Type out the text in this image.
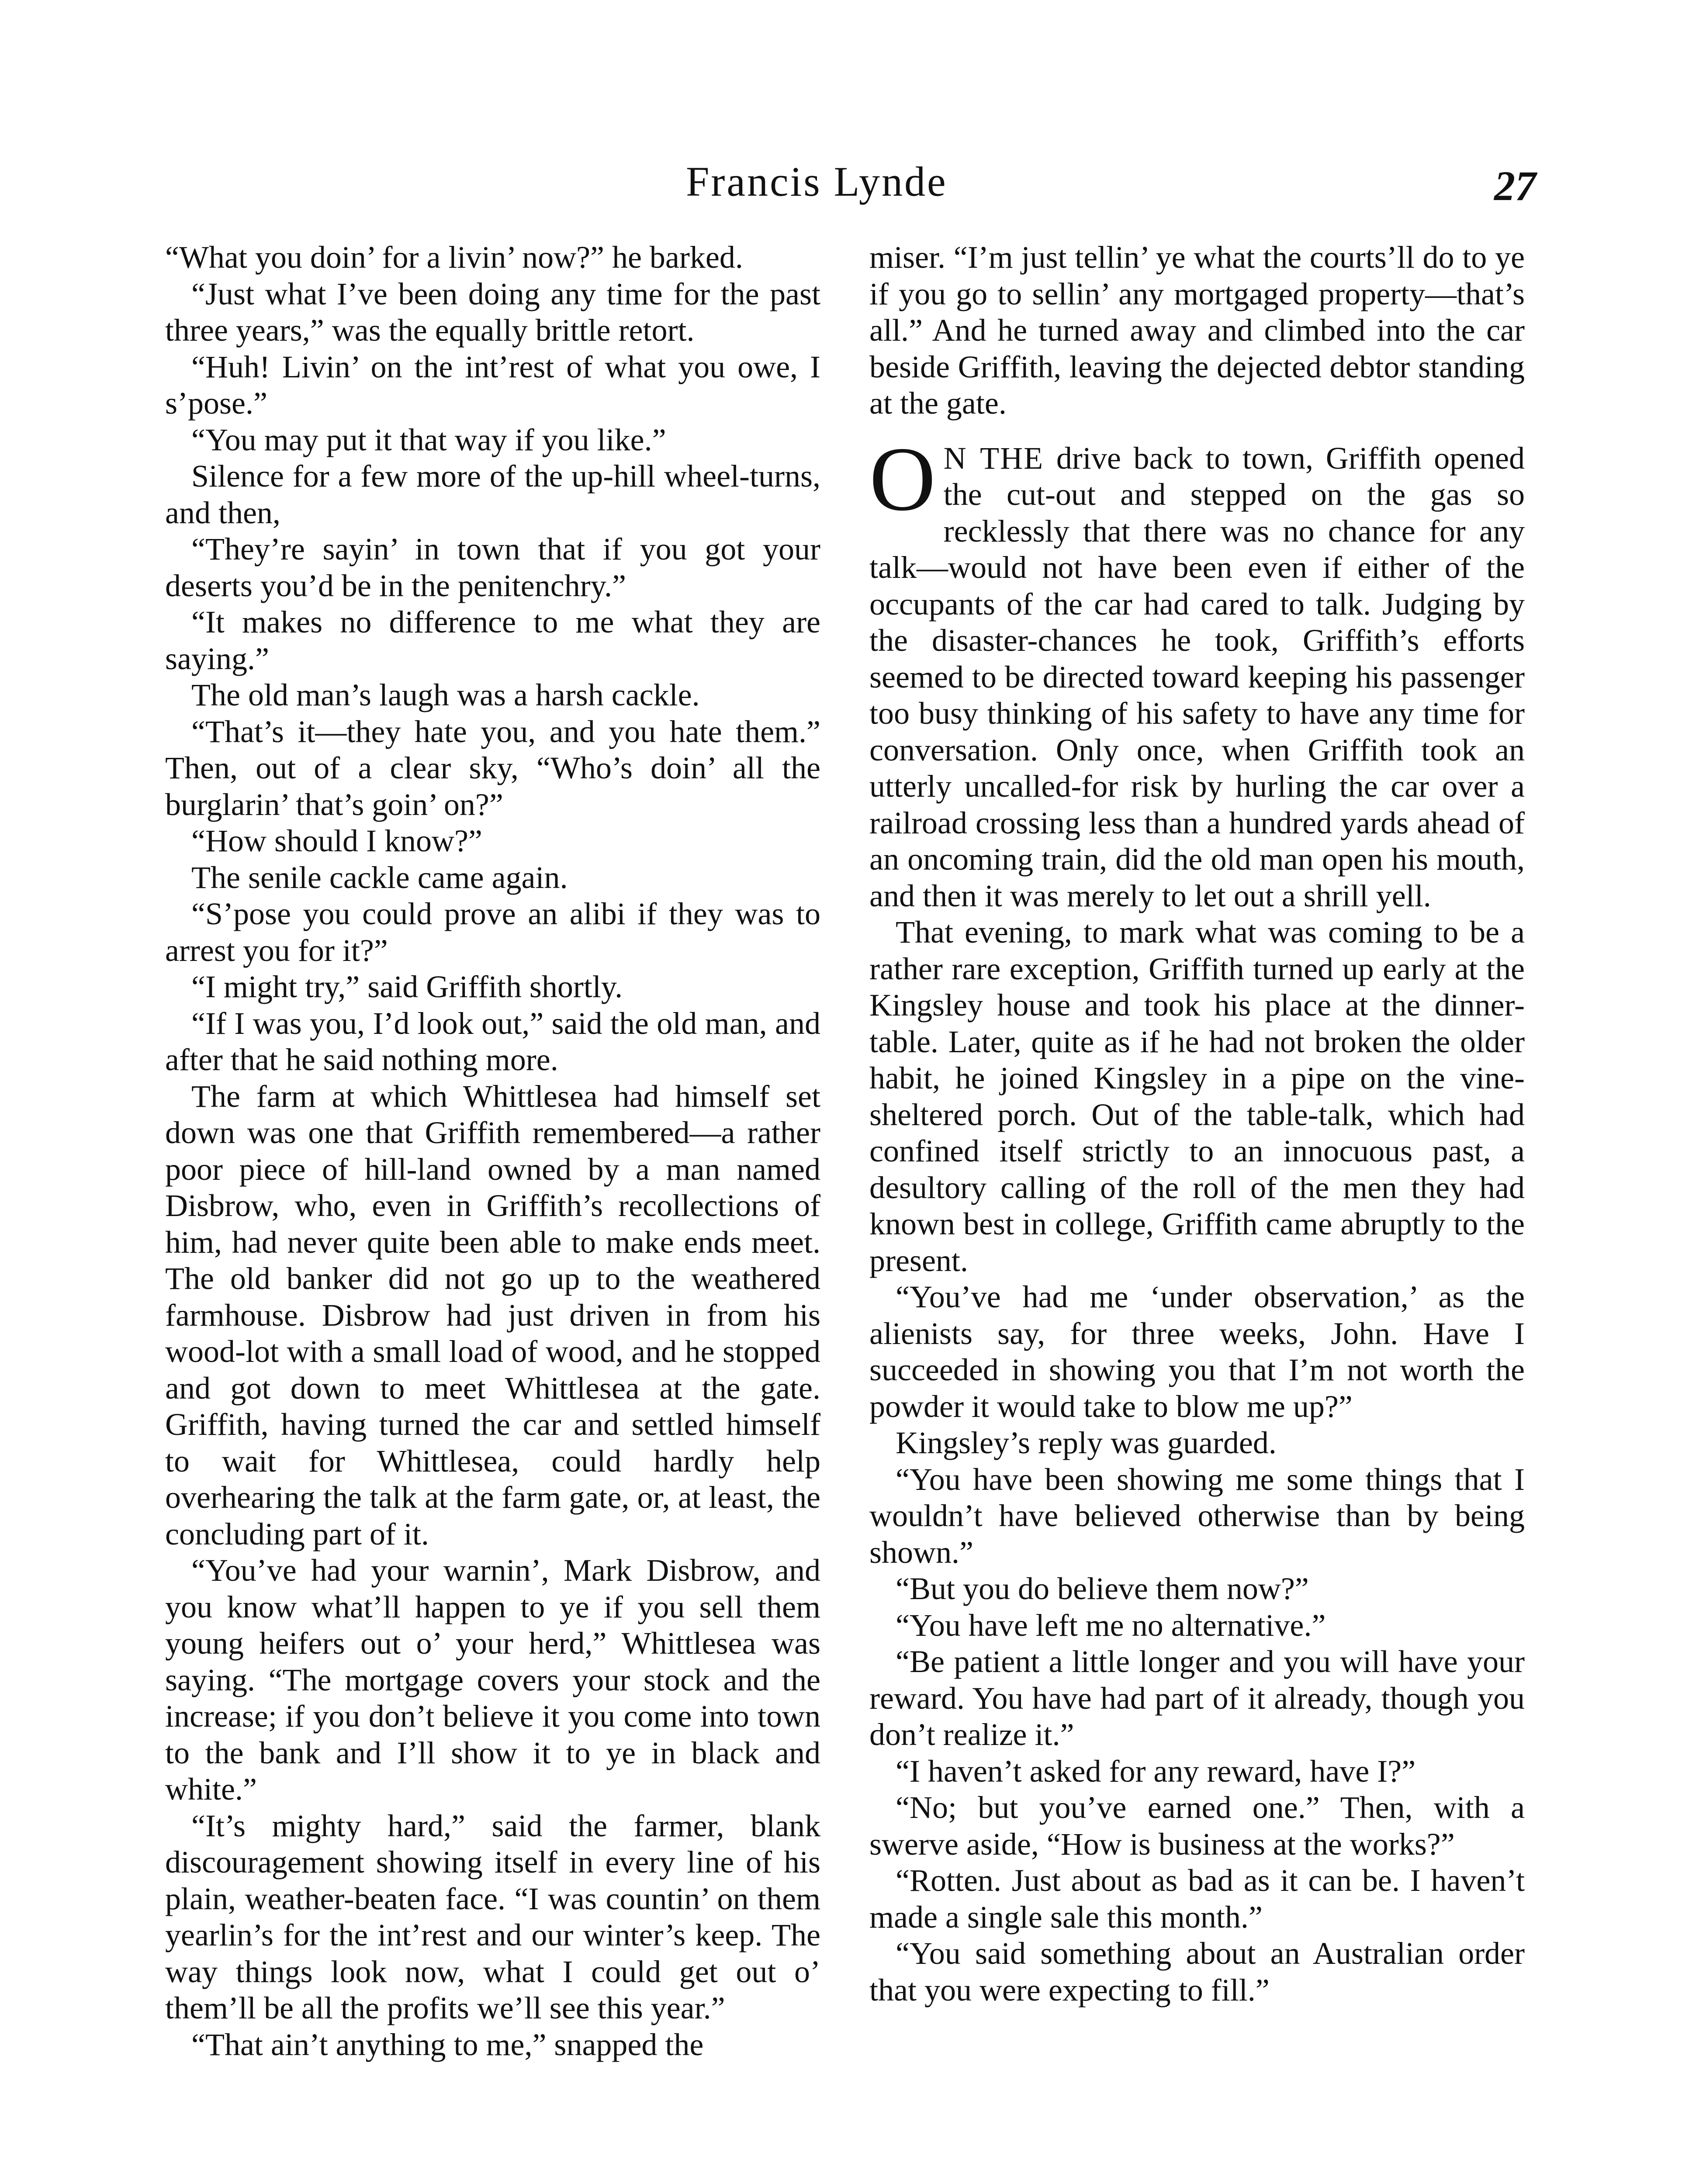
Francis Lynde	27

“What you doin’ for a livin’ now?” he barked.

“Just what I’ve been doing any time for the past three years,” was the equally brittle retort.

“Huh! Livin’ on the int’rest of what you owe, I s’pose.”

“You may put it that way if you like.”

Silence for a few more of the up-hill wheel-turns, and then,

“They’re sayin’ in town that if you got your deserts you’d be in the penitenchry.”

“It makes no difference to me what they are saying.”

The old man’s laugh was a harsh cackle.

“That’s it—they hate you, and you hate them.” Then, out of a clear sky, “Who’s doin’ all the burglarin’ that’s goin’ on?”

“How should I know?”

The senile cackle came again.

“S’pose you could prove an alibi if they was to arrest you for it?”

“I might try,” said Griffith shortly.

“If I was you, I’d look out,” said the old man, and after that he said nothing more.

The farm at which Whittlesea had himself set down was one that Griffith remembered—a rather poor piece of hill-land owned by a man named Disbrow, who, even in Griffith’s recollections of him, had never quite been able to make ends meet. The old banker did not go up to the weathered farmhouse. Disbrow had just driven in from his wood-lot with a small load of wood, and he stopped and got down to meet Whittlesea at the gate. Griffith, having turned the car and settled himself to wait for Whittlesea, could hardly help overhearing the talk at the farm gate, or, at least, the concluding part of it.

“You’ve had your warnin’, Mark Disbrow, and you know what’ll happen to ye if you sell them young heifers out o’ your herd,” Whittlesea was saying. “The mortgage covers your stock and the increase; if you don’t believe it you come into town to the bank and I’ll show it to ye in black and white.”

“It’s mighty hard,” said the farmer, blank discouragement showing itself in every line of his plain, weather-beaten face. “I was countin’ on them yearlin’s for the int’rest and our winter’s keep. The way things look now, what I could get out o’ them’ll be all the profits we’ll see this year.”

“That ain’t anything to me,” snapped the

miser. “I’m just tellin’ ye what the courts’ll do to ye if you go to sellin’ any mortgaged property—that’s all.” And he turned away and climbed into the car beside Griffith, leaving the dejected debtor standing at the gate.

O N THE drive back to town, Griffith opened the cut-out and stepped on the gas so recklessly that there was no chance for any talk—would not have been even if either of the occupants of the car had cared to talk. Judging by the disaster-chances he took, Griffith’s efforts seemed to be directed toward keeping his passenger too busy thinking of his safety to have any time for conversation. Only once, when Griffith took an utterly uncalled-for risk by hurling the car over a railroad crossing less than a hundred yards ahead of an oncoming train, did the old man open his mouth, and then it was merely to let out a shrill yell.

That evening, to mark what was coming to be a rather rare exception, Griffith turned up early at the Kingsley house and took his place at the dinner-table. Later, quite as if he had not broken the older habit, he joined Kingsley in a pipe on the vine-sheltered porch. Out of the table-talk, which had confined itself strictly to an innocuous past, a desultory calling of the roll of the men they had known best in college, Griffith came abruptly to the present.

“You’ve had me ‘under observation,’ as the alienists say, for three weeks, John. Have I succeeded in showing you that I’m not worth the powder it would take to blow me up?”

Kingsley’s reply was guarded.

“You have been showing me some things that I wouldn’t have believed otherwise than by being shown.”

“But you do believe them now?”

“You have left me no alternative.”

“Be patient a little longer and you will have your reward. You have had part of it already, though you don’t realize it.”

“I haven’t asked for any reward, have I?”

“No; but you’ve earned one.” Then, with a swerve aside, “How is business at the works?”

“Rotten. Just about as bad as it can be. I haven’t made a single sale this month.”

“You said something about an Australian order that you were expecting to fill.”
